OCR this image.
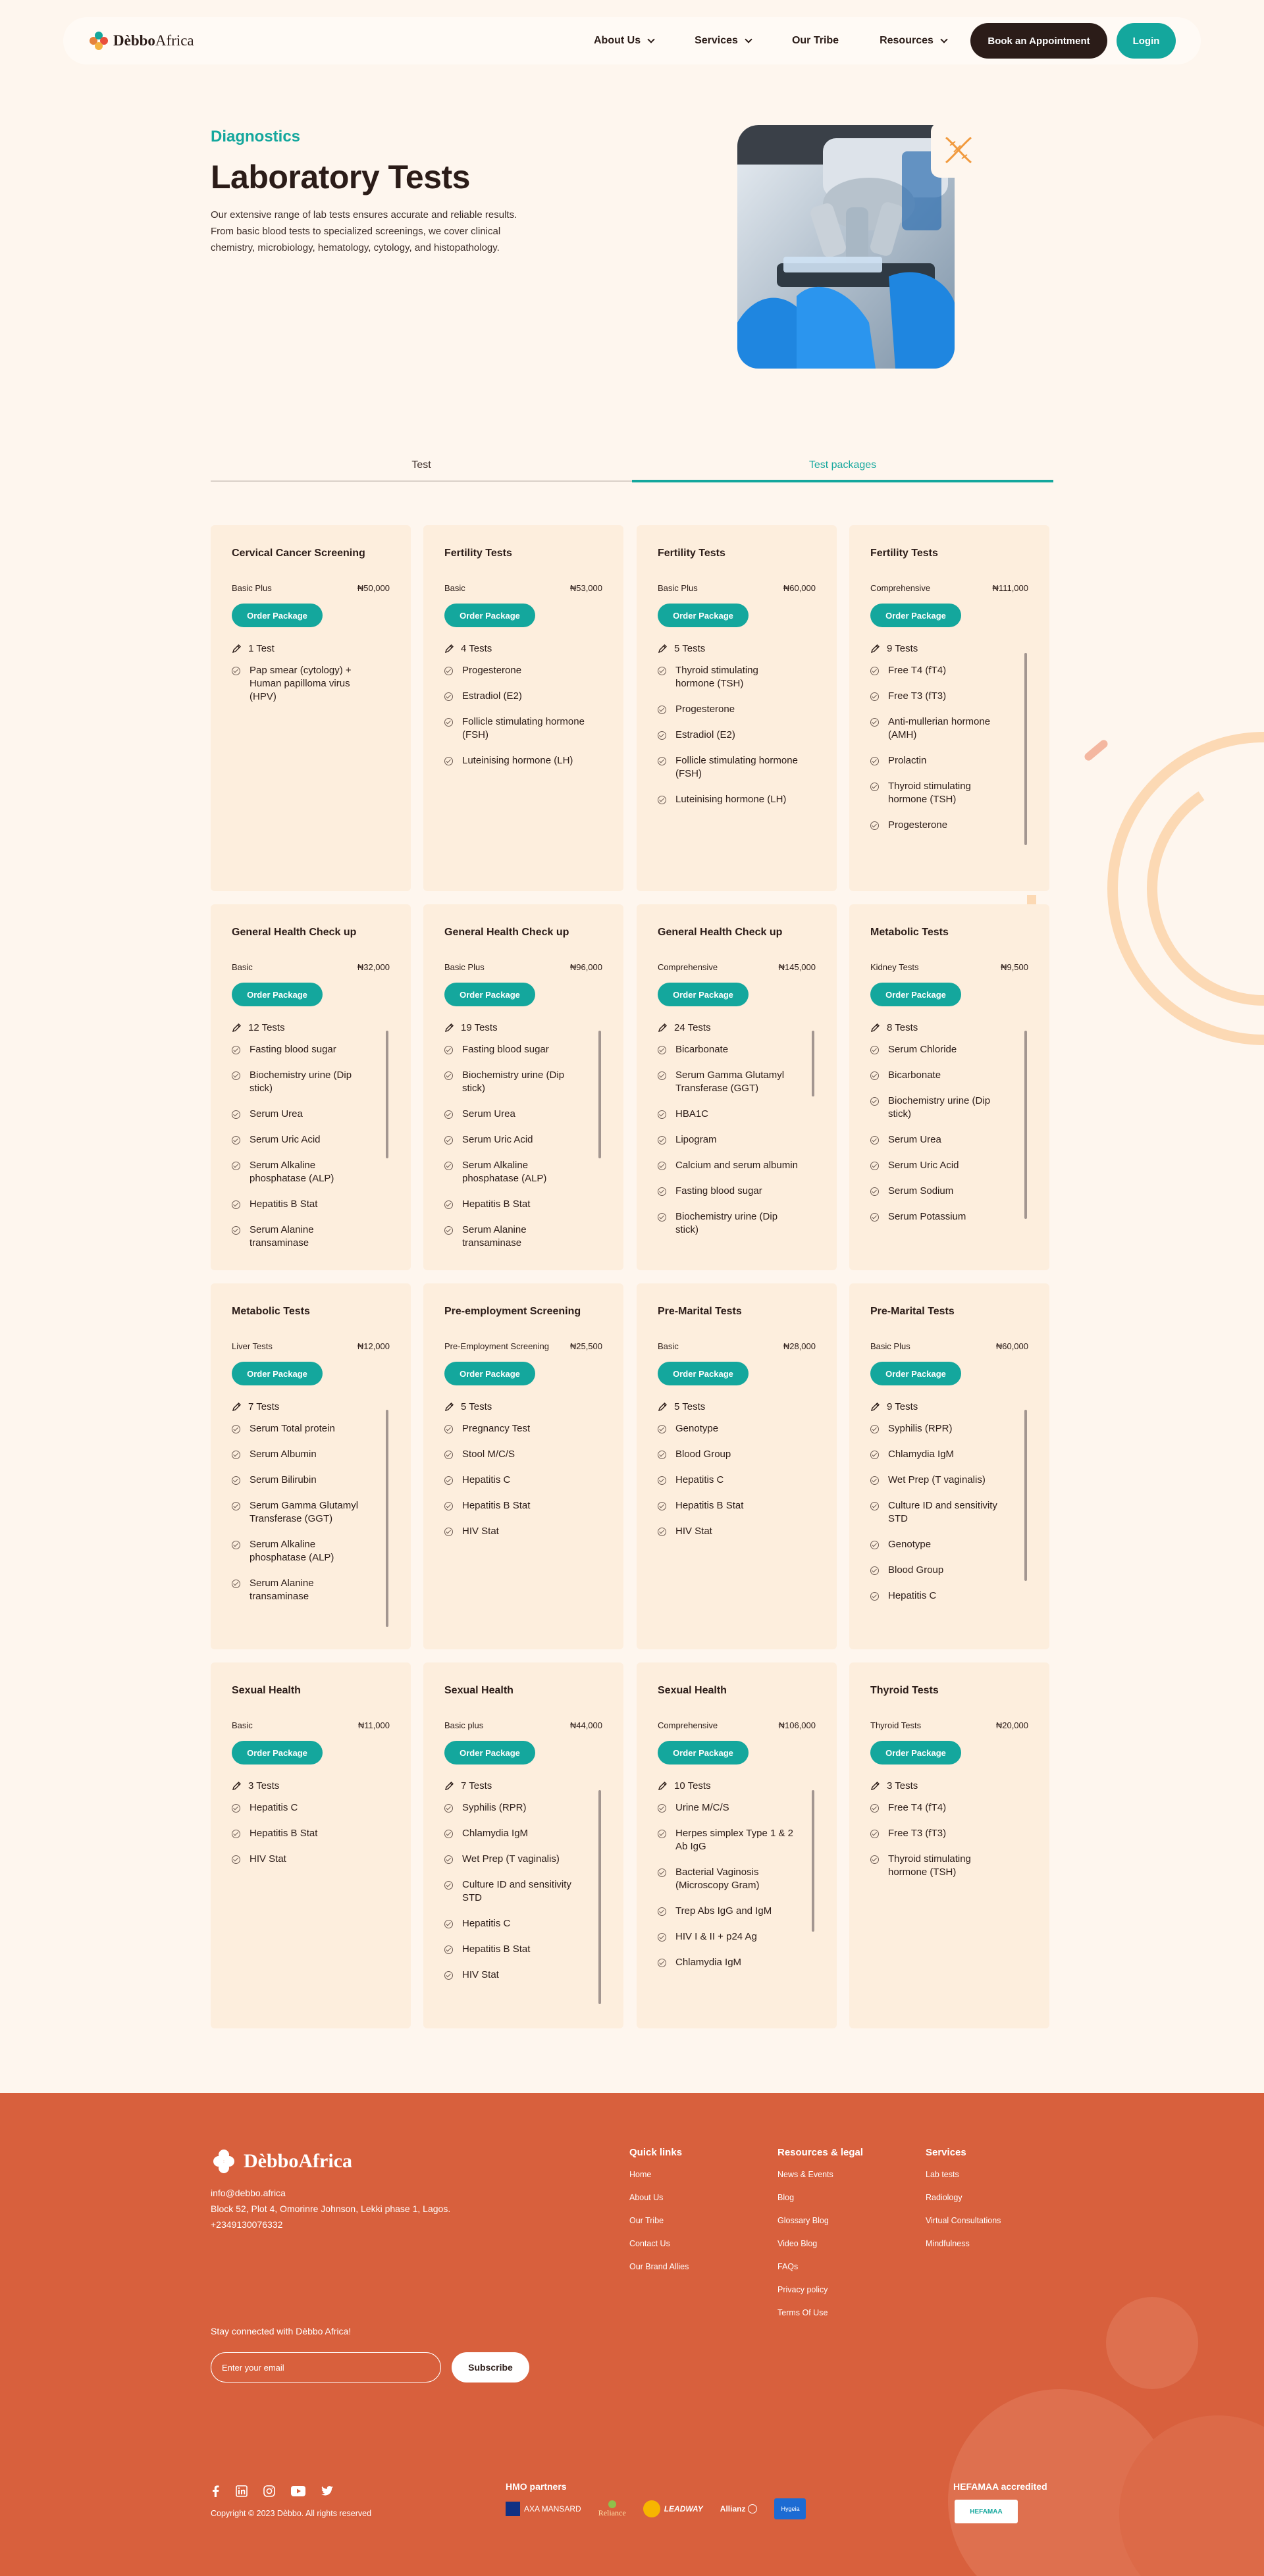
DèbboAfrica	About Us	Services	Our Tribe	Resources	Book an Appointment	Login
Diagnostics
Laboratory Tests
Our extensive range of lab tests ensures accurate and reliable results. From basic blood tests to specialized screenings, we cover clinical chemistry, microbiology, hematology, cytology, and histopathology.
Test	Test packages
Cervical Cancer Screening
Basic Plus	₦50,000
Order Package
1 Test
Pap smear (cytology) + Human papilloma virus (HPV)
Fertility Tests
Basic	₦53,000
Order Package
4 Tests
Progesterone
Estradiol (E2)
Follicle stimulating hormone (FSH)
Luteinising hormone (LH)
Fertility Tests
Basic Plus	₦60,000
Order Package
5 Tests
Thyroid stimulating hormone (TSH)
Progesterone
Estradiol (E2)
Follicle stimulating hormone (FSH)
Luteinising hormone (LH)
Fertility Tests
Comprehensive	₦111,000
Order Package
9 Tests
Free T4 (fT4)
Free T3 (fT3)
Anti-mullerian hormone (AMH)
Prolactin
Thyroid stimulating hormone (TSH)
Progesterone
General Health Check up
Basic	₦32,000
Order Package
12 Tests
Fasting blood sugar
Biochemistry urine (Dip stick)
Serum Urea
Serum Uric Acid
Serum Alkaline phosphatase (ALP)
Hepatitis B Stat
Serum Alanine transaminase
General Health Check up
Basic Plus	₦96,000
Order Package
19 Tests
Fasting blood sugar
Biochemistry urine (Dip stick)
Serum Urea
Serum Uric Acid
Serum Alkaline phosphatase (ALP)
Hepatitis B Stat
Serum Alanine transaminase
General Health Check up
Comprehensive	₦145,000
Order Package
24 Tests
Bicarbonate
Serum Gamma Glutamyl Transferase (GGT)
HBA1C
Lipogram
Calcium and serum albumin
Fasting blood sugar
Biochemistry urine (Dip stick)
Metabolic Tests
Kidney Tests	₦9,500
Order Package
8 Tests
Serum Chloride
Bicarbonate
Biochemistry urine (Dip stick)
Serum Urea
Serum Uric Acid
Serum Sodium
Serum Potassium
Metabolic Tests
Liver Tests	₦12,000
Order Package
7 Tests
Serum Total protein
Serum Albumin
Serum Bilirubin
Serum Gamma Glutamyl Transferase (GGT)
Serum Alkaline phosphatase (ALP)
Serum Alanine transaminase
Pre-employment Screening
Pre-Employment Screening ₦25,500
Order Package
5 Tests
Pregnancy Test
Stool M/C/S
Hepatitis C
Hepatitis B Stat
HIV Stat
Pre-Marital Tests
Basic	₦28,000
Order Package
5 Tests
Genotype
Blood Group
Hepatitis C
Hepatitis B Stat
HIV Stat
Pre-Marital Tests
Basic Plus	₦60,000
Order Package
9 Tests
Syphilis (RPR)
Chlamydia IgM
Wet Prep (T vaginalis)
Culture ID and sensitivity STD
Genotype
Blood Group
Hepatitis C
Sexual Health
Basic	₦11,000
Order Package
3 Tests
Hepatitis C
Hepatitis B Stat
HIV Stat
Sexual Health
Basic plus	₦44,000
Order Package
7 Tests
Syphilis (RPR)
Chlamydia IgM
Wet Prep (T vaginalis)
Culture ID and sensitivity STD
Hepatitis C
Hepatitis B Stat
HIV Stat
Sexual Health
Comprehensive	₦106,000
Order Package
10 Tests
Urine M/C/S
Herpes simplex Type 1 & 2 Ab IgG
Bacterial Vaginosis (Microscopy Gram)
Trep Abs IgG and IgM
HIV I & II + p24 Ag
Chlamydia IgM
Thyroid Tests
Thyroid Tests	₦20,000
Order Package
3 Tests
Free T4 (fT4)
Free T3 (fT3)
Thyroid stimulating hormone (TSH)
DèbboAfrica
info@debbo.africa
Block 52, Plot 4, Omorinre Johnson, Lekki phase 1, Lagos.
+2349130076332
Quick links
Home
About Us
Our Tribe
Contact Us
Our Brand Allies
Resources & legal
News & Events
Blog
Glossary Blog
Video Blog
FAQs
Privacy policy
Terms Of Use
Services
Lab tests
Radiology
Virtual Consultations
Mindfulness
Stay connected with Dèbbo Africa!
Enter your email	Subscribe
Copyright © 2023 Dèbbo. All rights reserved
HMO partners
AXA MANSARD Reliance	LEADWAY Allianz	Hygeia
HEFAMAA accredited
HEFAMAA
